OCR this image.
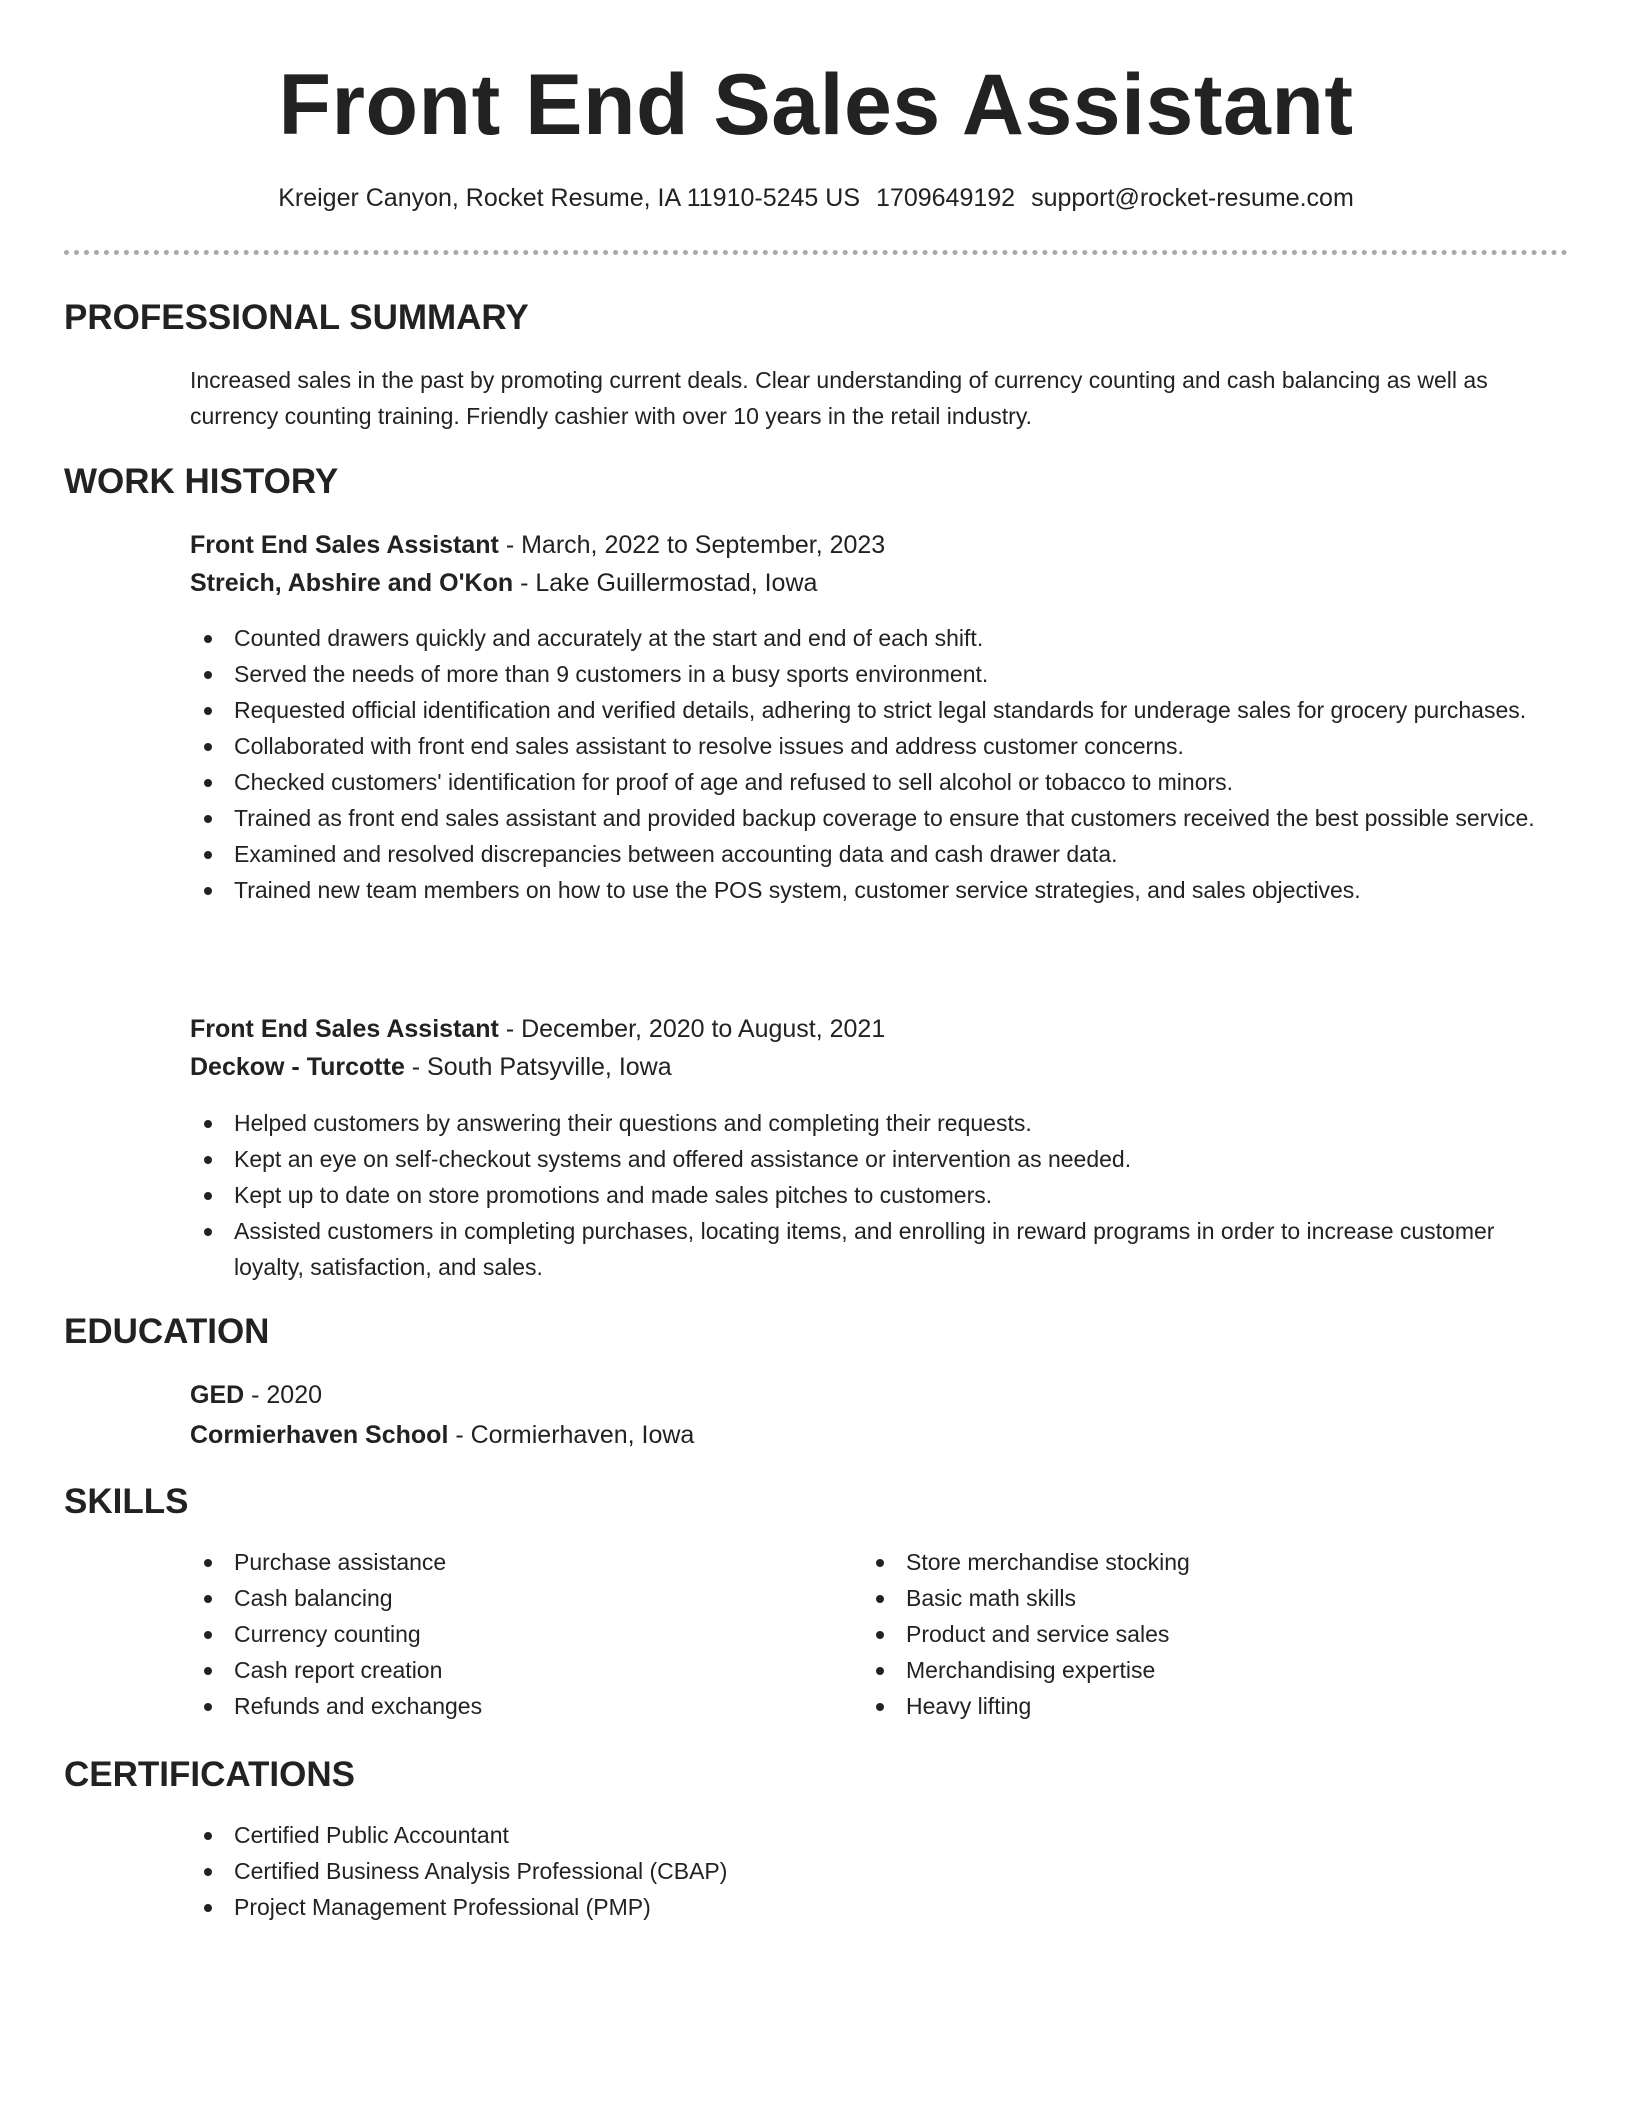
Front End Sales Assistant
Kreiger Canyon, Rocket Resume, IA 11910-5245 US 1709649192 support@rocket-resume.com
PROFESSIONAL SUMMARY
Increased sales in the past by promoting current deals. Clear understanding of currency counting and cash balancing as well as currency counting training. Friendly cashier with over 10 years in the retail industry.
WORK HISTORY
Front End Sales Assistant - March, 2022 to September, 2023
Streich, Abshire and O'Kon - Lake Guillermostad, Iowa
Counted drawers quickly and accurately at the start and end of each shift.
Served the needs of more than 9 customers in a busy sports environment.
Requested official identification and verified details, adhering to strict legal standards for underage sales for grocery purchases.
Collaborated with front end sales assistant to resolve issues and address customer concerns.
Checked customers' identification for proof of age and refused to sell alcohol or tobacco to minors.
Trained as front end sales assistant and provided backup coverage to ensure that customers received the best possible service.
Examined and resolved discrepancies between accounting data and cash drawer data.
Trained new team members on how to use the POS system, customer service strategies, and sales objectives.
Front End Sales Assistant - December, 2020 to August, 2021
Deckow - Turcotte - South Patsyville, Iowa
Helped customers by answering their questions and completing their requests.
Kept an eye on self-checkout systems and offered assistance or intervention as needed.
Kept up to date on store promotions and made sales pitches to customers.
Assisted customers in completing purchases, locating items, and enrolling in reward programs in order to increase customer loyalty, satisfaction, and sales.
EDUCATION
GED - 2020
Cormierhaven School - Cormierhaven, Iowa
SKILLS
Purchase assistance
Cash balancing
Currency counting
Cash report creation
Refunds and exchanges
Store merchandise stocking
Basic math skills
Product and service sales
Merchandising expertise
Heavy lifting
CERTIFICATIONS
Certified Public Accountant
Certified Business Analysis Professional (CBAP)
Project Management Professional (PMP)
